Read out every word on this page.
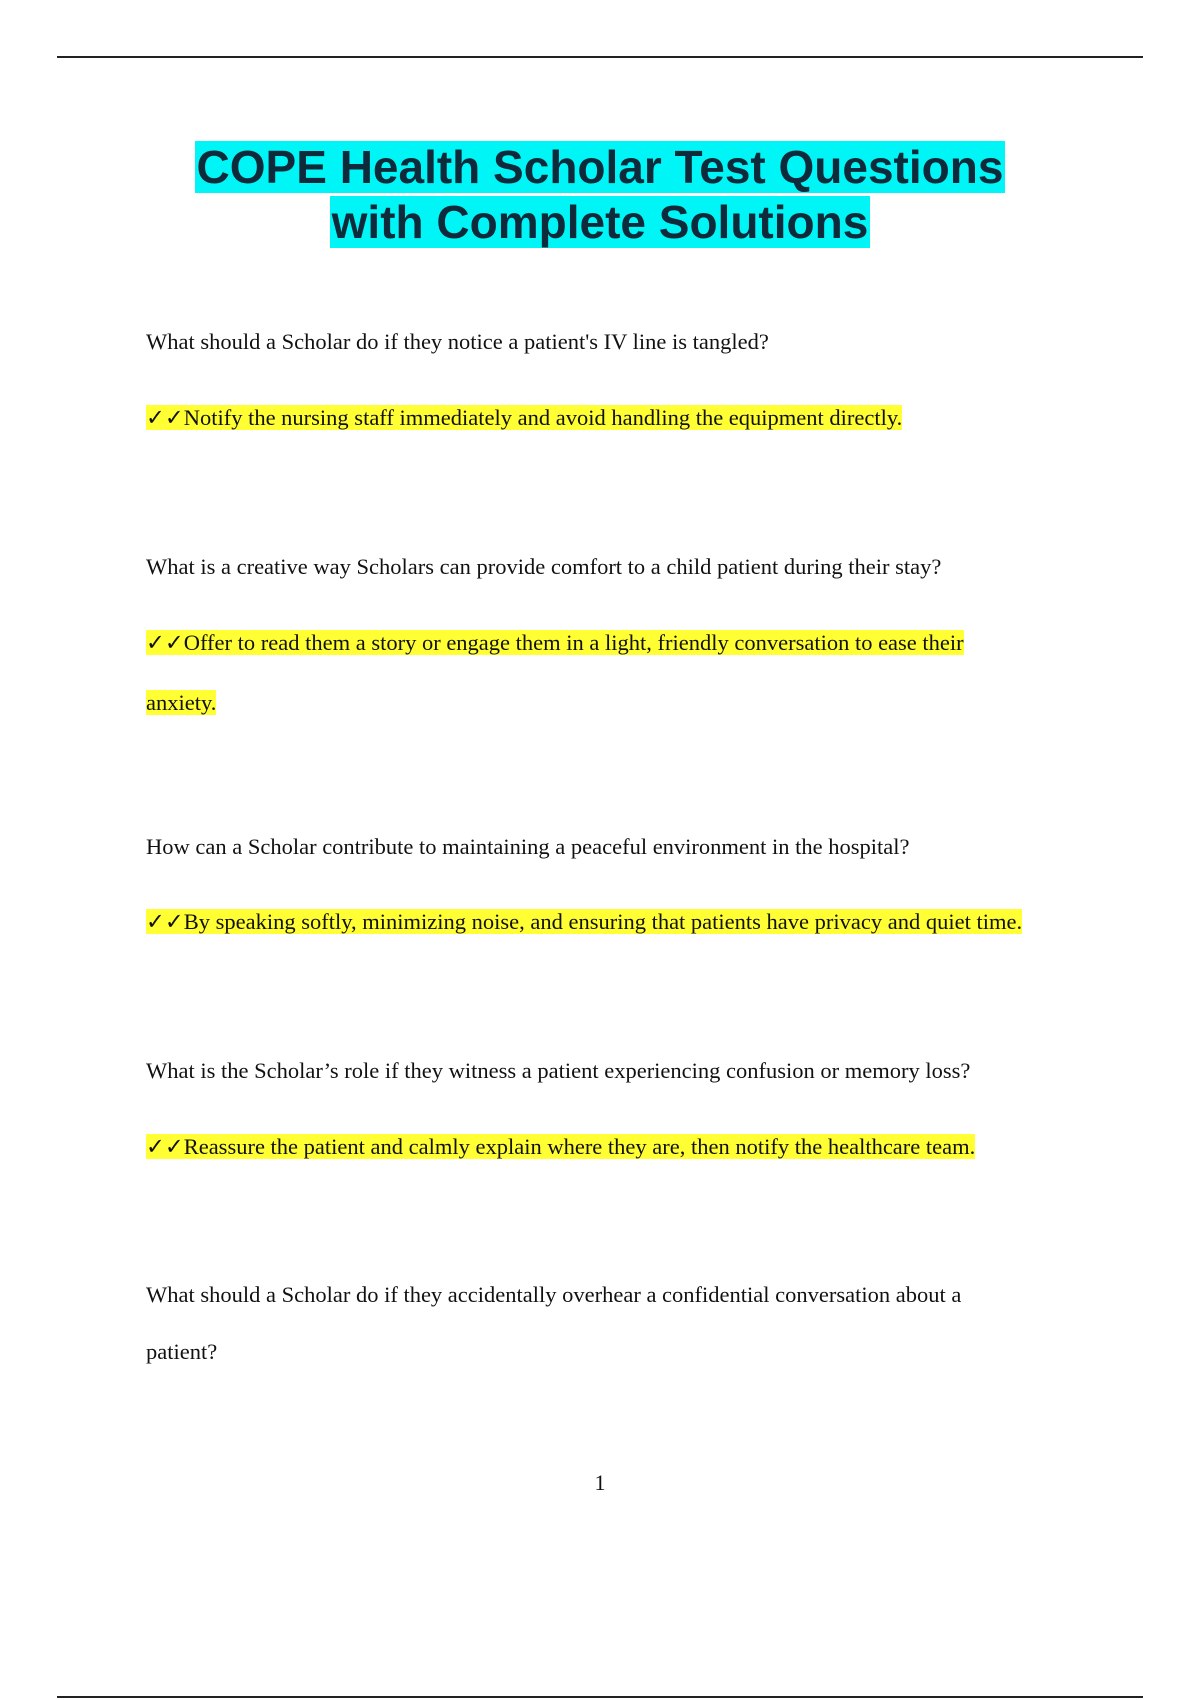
COPE Health Scholar Test Questions
with Complete Solutions

What should a Scholar do if they notice a patient's IV line is tangled?

✓✓Notify the nursing staff immediately and avoid handling the equipment directly.

What is a creative way Scholars can provide comfort to a child patient during their stay?

✓✓Offer to read them a story or engage them in a light, friendly conversation to ease their

anxiety.

How can a Scholar contribute to maintaining a peaceful environment in the hospital?

✓✓By speaking softly, minimizing noise, and ensuring that patients have privacy and quiet time.

What is the Scholar’s role if they witness a patient experiencing confusion or memory loss?

✓✓Reassure the patient and calmly explain where they are, then notify the healthcare team.

What should a Scholar do if they accidentally overhear a confidential conversation about a

patient?

1
